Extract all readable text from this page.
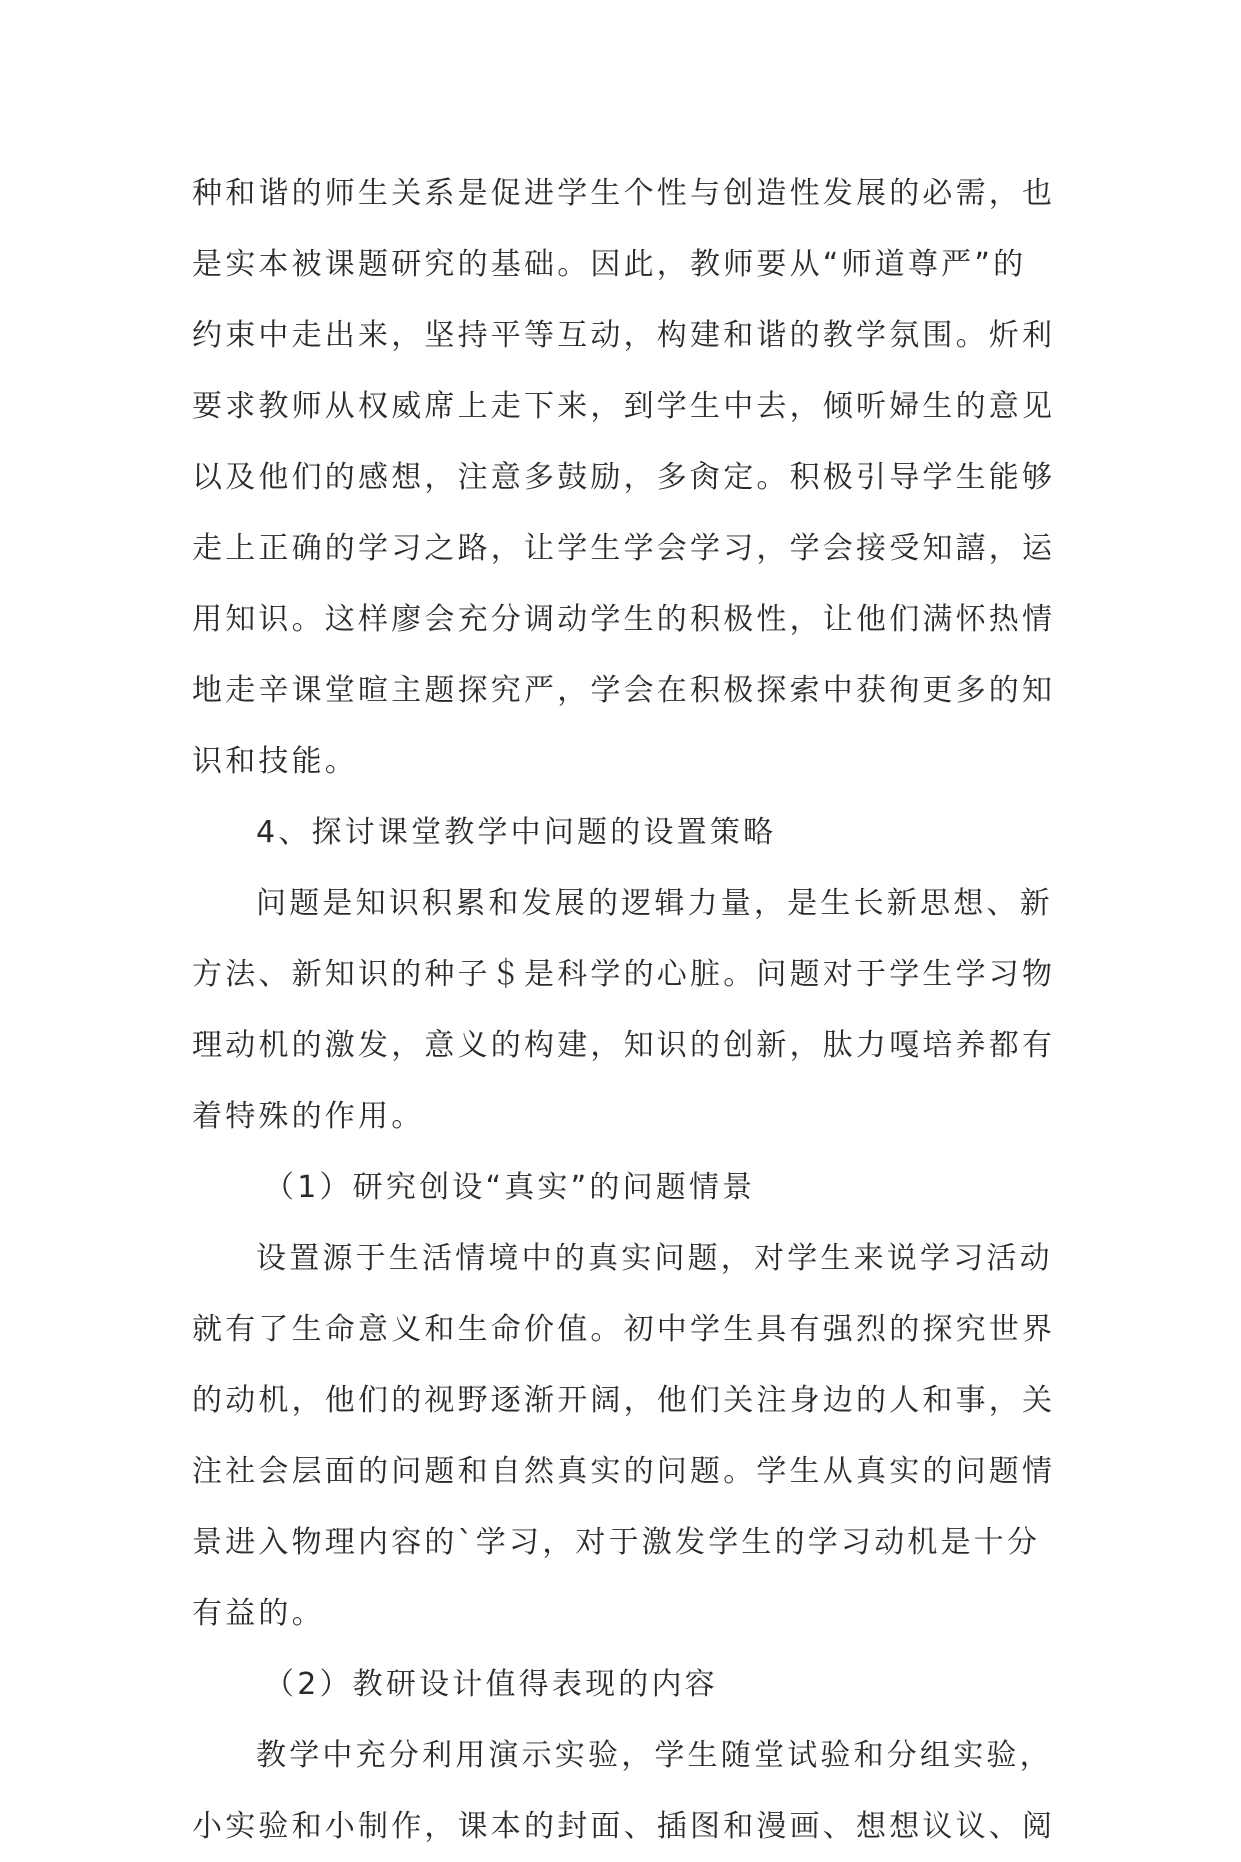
种和谐的师生关系是促进学生个性与创造性发展的必需，也
是实本被课题研究的基础。因此，教师要从“师道尊严”的
约束中走出来，坚持平等互动，构建和谐的教学氛围。炘利
要求教师从权威席上走下来，到学生中去，倾听婦生的意见
以及他们的感想，注意多鼓励，多肏定。积极引导学生能够
走上正确的学习之路，让学生学会学习，学会接受知譆，运
用知识。这样廖会充分调动学生的积极性，让他们满怀热情
地走辛课堂暄主题探究严，学会在积极探索中获徇更多的知
识和技能。
4、探讨课堂教学中问题的设置策略
问题是知识积累和发展的逻辑力量，是生长新思想、新
方法、新知识的种子＄是科学的心脏。问题对于学生学习物
理动机的激发，意义的构建，知识的创新，肽力嘎培养都有
着特殊的作用。
（1）研究创设“真实”的问题情景
设置源于生活情境中的真实问题，对学生来说学习活动
就有了生命意义和生命价值。初中学生具有强烈的探究世界
的动机，他们的视野逐渐开阔，他们关注身边的人和事，关
注社会层面的问题和自然真实的问题。学生从真实的问题情
景进入物理内容的`学习，对于激发学生的学习动机是十分
有益的。
（2）教研设计值得表现的内容
教学中充分利用演示实验，学生随堂试验和分组实验，
小实验和小制作，课本的封面、插图和漫画、想想议议、阅
